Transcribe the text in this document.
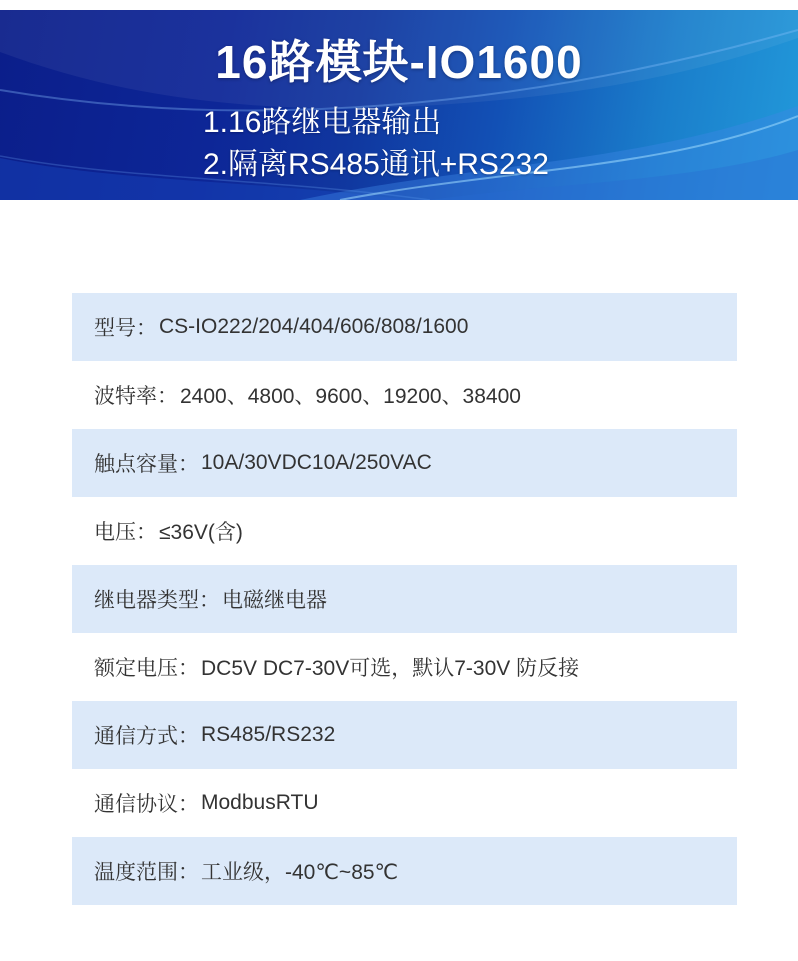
16路模块-IO1600
1.16路继电器输出
2.隔离RS485通讯+RS232
型号： CS-IO222/204/404/606/808/1600
波特率： 2400、4800、9600、19200、38400
触点容量： 10A/30VDC10A/250VAC
电压： ≤36V(含)
继电器类型： 电磁继电器
额定电压： DC5V DC7-30V可选，默认7-30V 防反接
通信方式： RS485/RS232
通信协议： ModbusRTU
温度范围： 工业级，-40℃~85℃
